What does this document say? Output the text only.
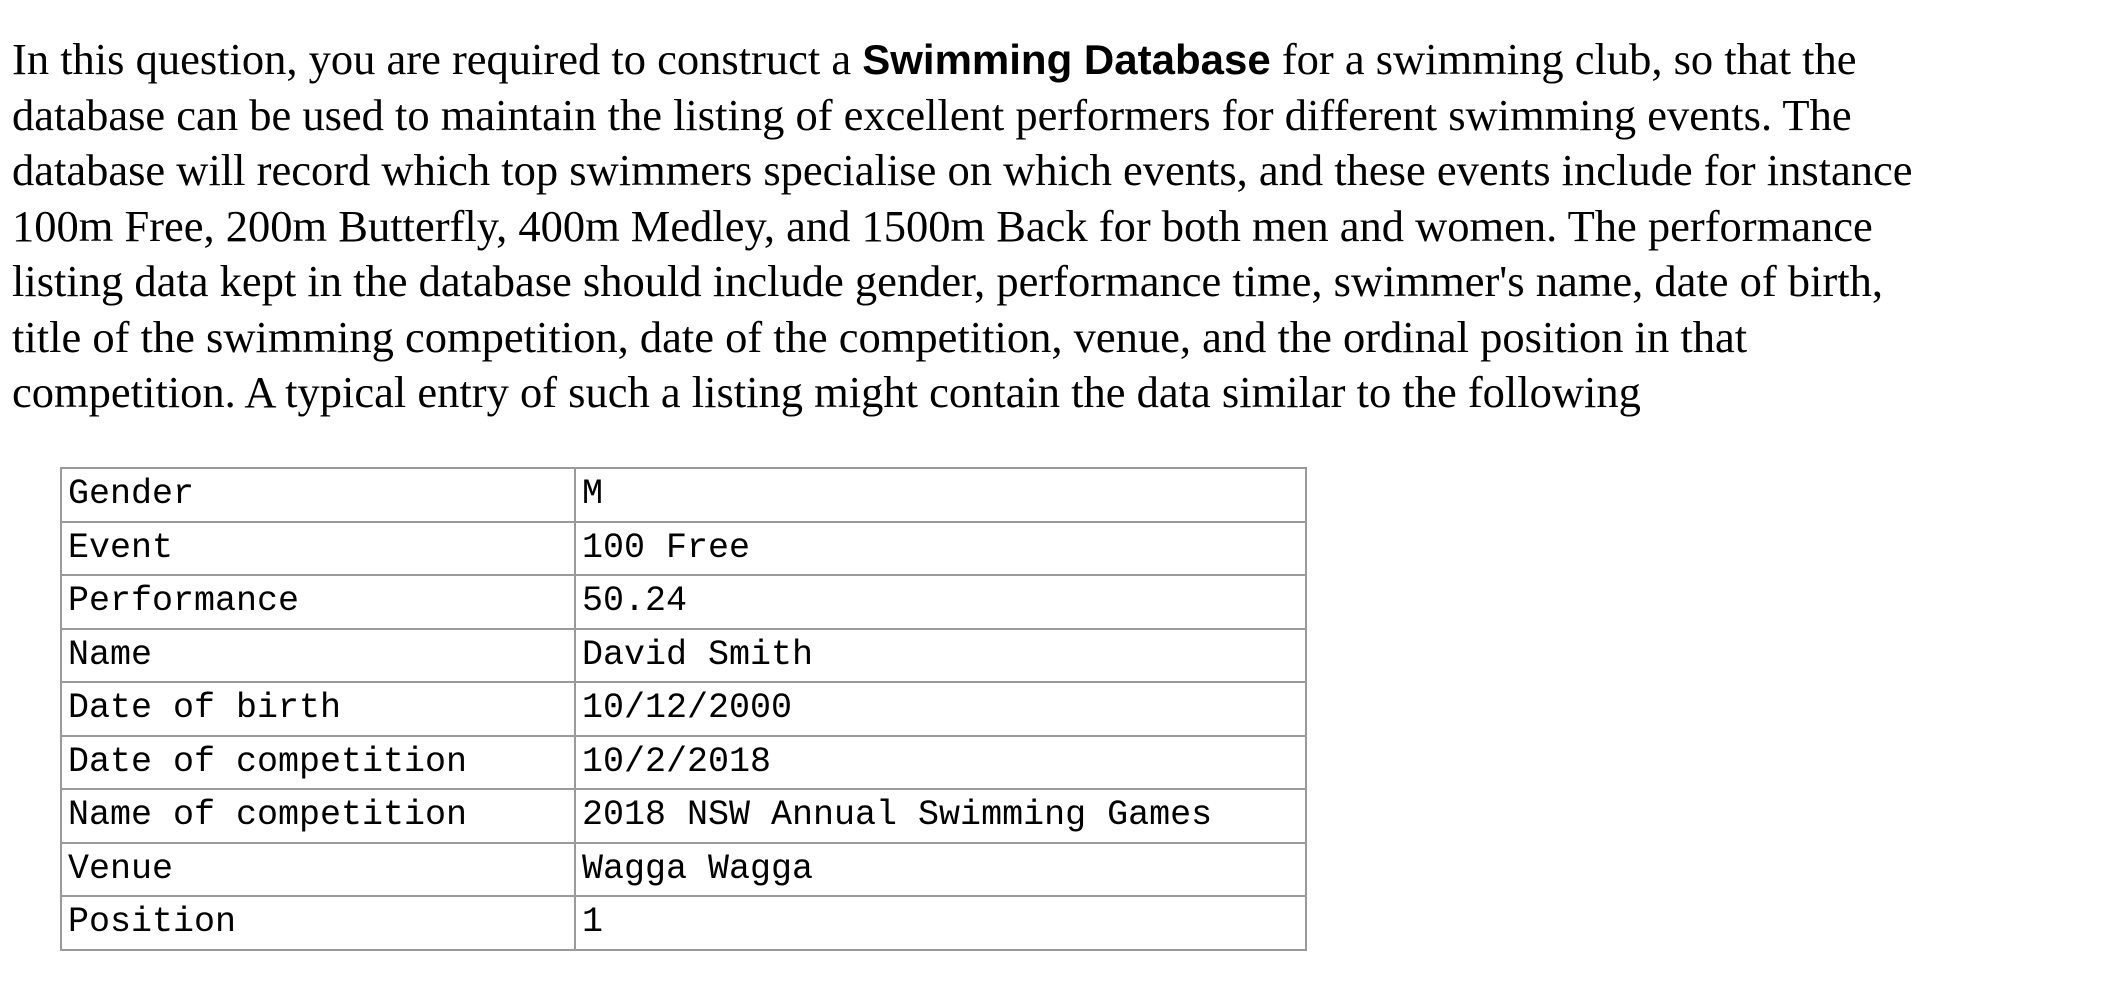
In this question, you are required to construct a Swimming Database for a swimming club, so that the
database can be used to maintain the listing of excellent performers for different swimming events. The
database will record which top swimmers specialise on which events, and these events include for instance
100m Free, 200m Butterfly, 400m Medley, and 1500m Back for both men and women. The performance
listing data kept in the database should include gender, performance time, swimmer's name, date of birth,
title of the swimming competition, date of the competition, venue, and the ordinal position in that
competition. A typical entry of such a listing might contain the data similar to the following

Gender	M
Event	100 Free
Performance	50.24
Name	David Smith
Date of birth	10/12/2000
Date of competition	10/2/2018
Name of competition	2018 NSW Annual Swimming Games
Venue	Wagga Wagga
Position	1
